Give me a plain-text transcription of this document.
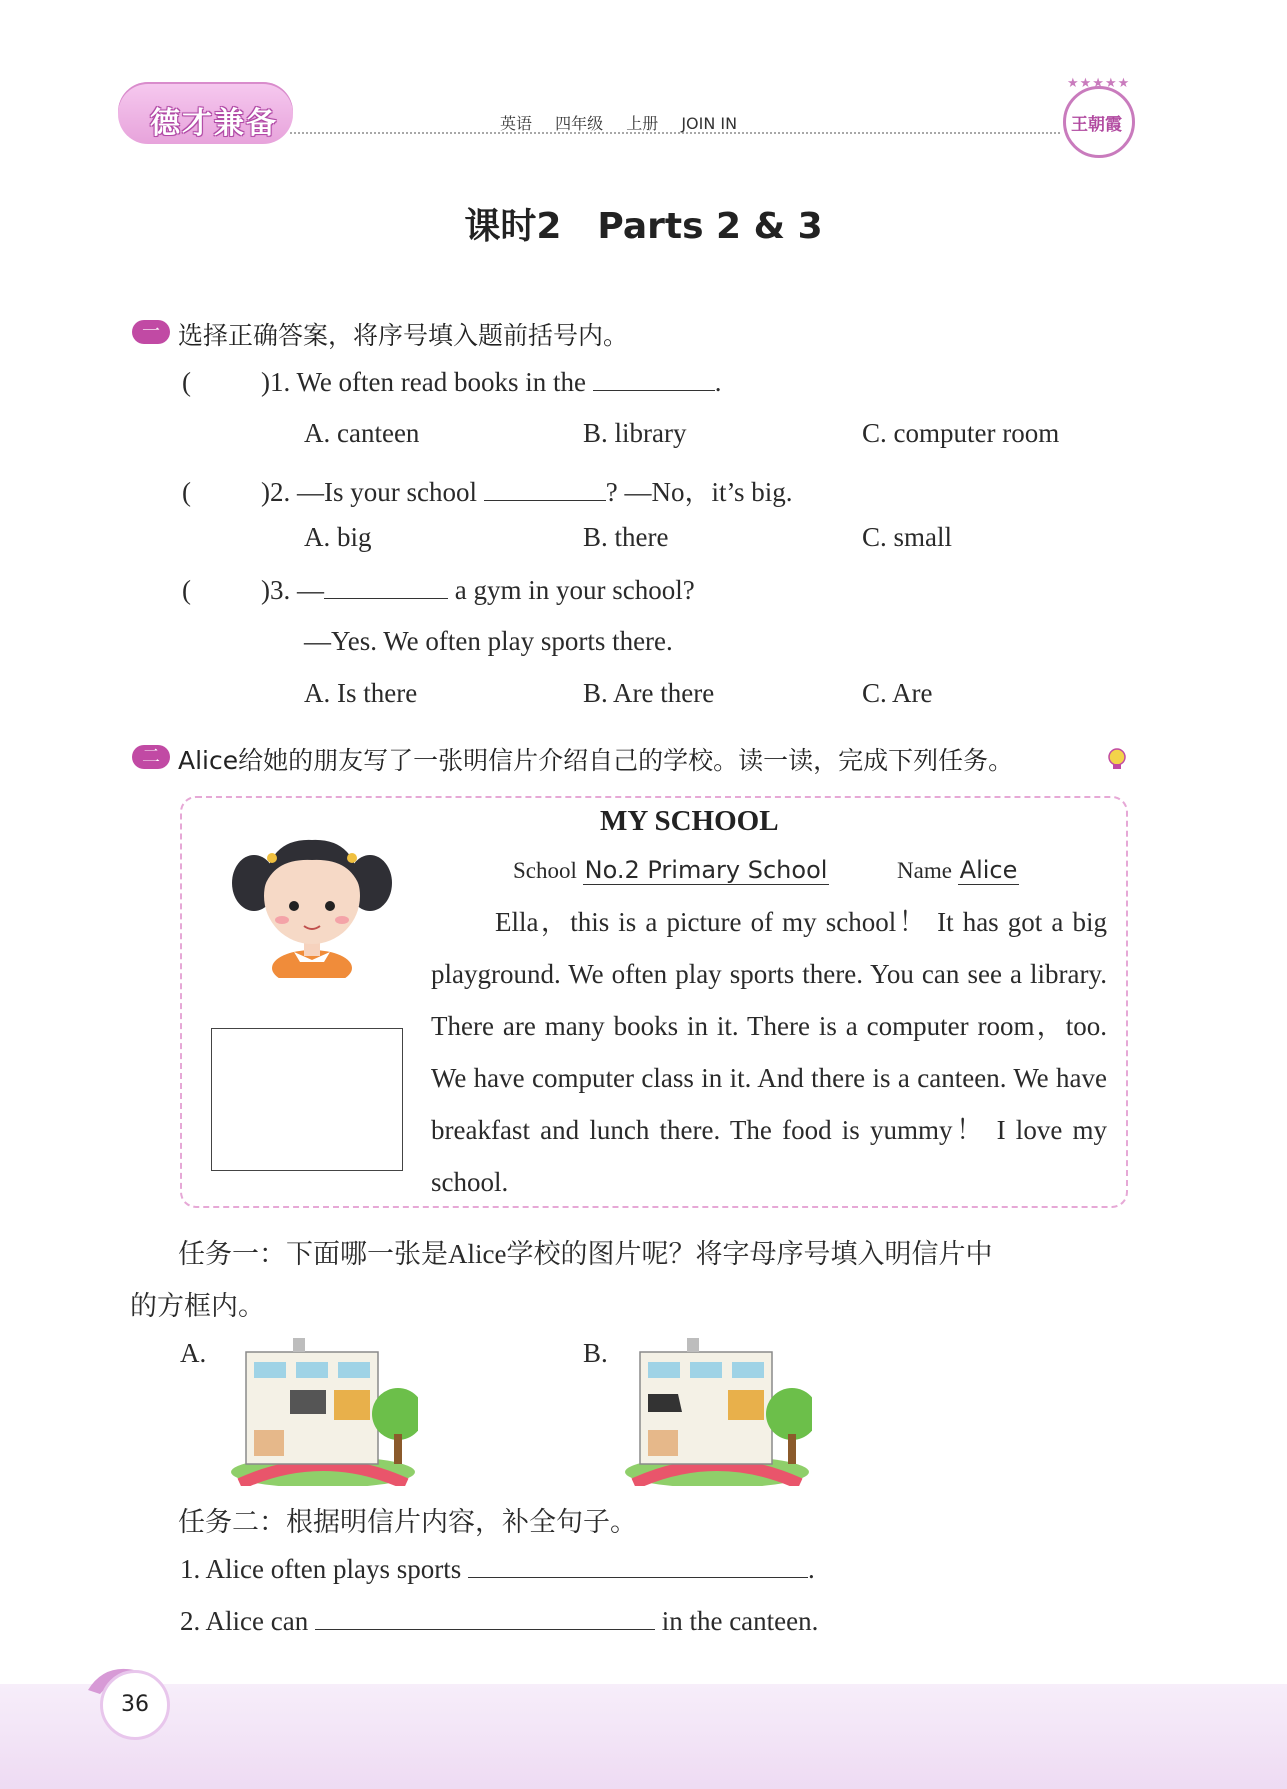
德才兼备	英语 四年级 上册 JOIN IN
★★★★★
王朝霞
课时2　Parts 2 & 3
一 选择正确答案，将序号填入题前括号内。
(	)1. We often read books in the	.
A. canteen	B. library	C. computer room
(	)2. —Is your school	? —No，it’s big.
A. big	B. there	C. small
(	)3. —	a gym in your school?
—Yes. We often play sports there.
A. Is there	B. Are there	C. Are
二 Alice给她的朋友写了一张明信片介绍自己的学校。读一读，完成下列任务。
MY SCHOOL
School No.2 Primary School	Name Alice

Ella，this is a picture of my school！ It has got a big playground. We often play sports there. You can see a library. There are many books in it. There is a computer room，too. We have computer class in it. And there is a canteen. We have breakfast and lunch there. The food is yummy！ I love my school.

任务一：下面哪一张是Alice学校的图片呢？将字母序号填入明信片中
的方框内。
A.	B.
任务二：根据明信片内容，补全句子。
1. Alice often plays sports	.
2. Alice can	in the canteen.
36
